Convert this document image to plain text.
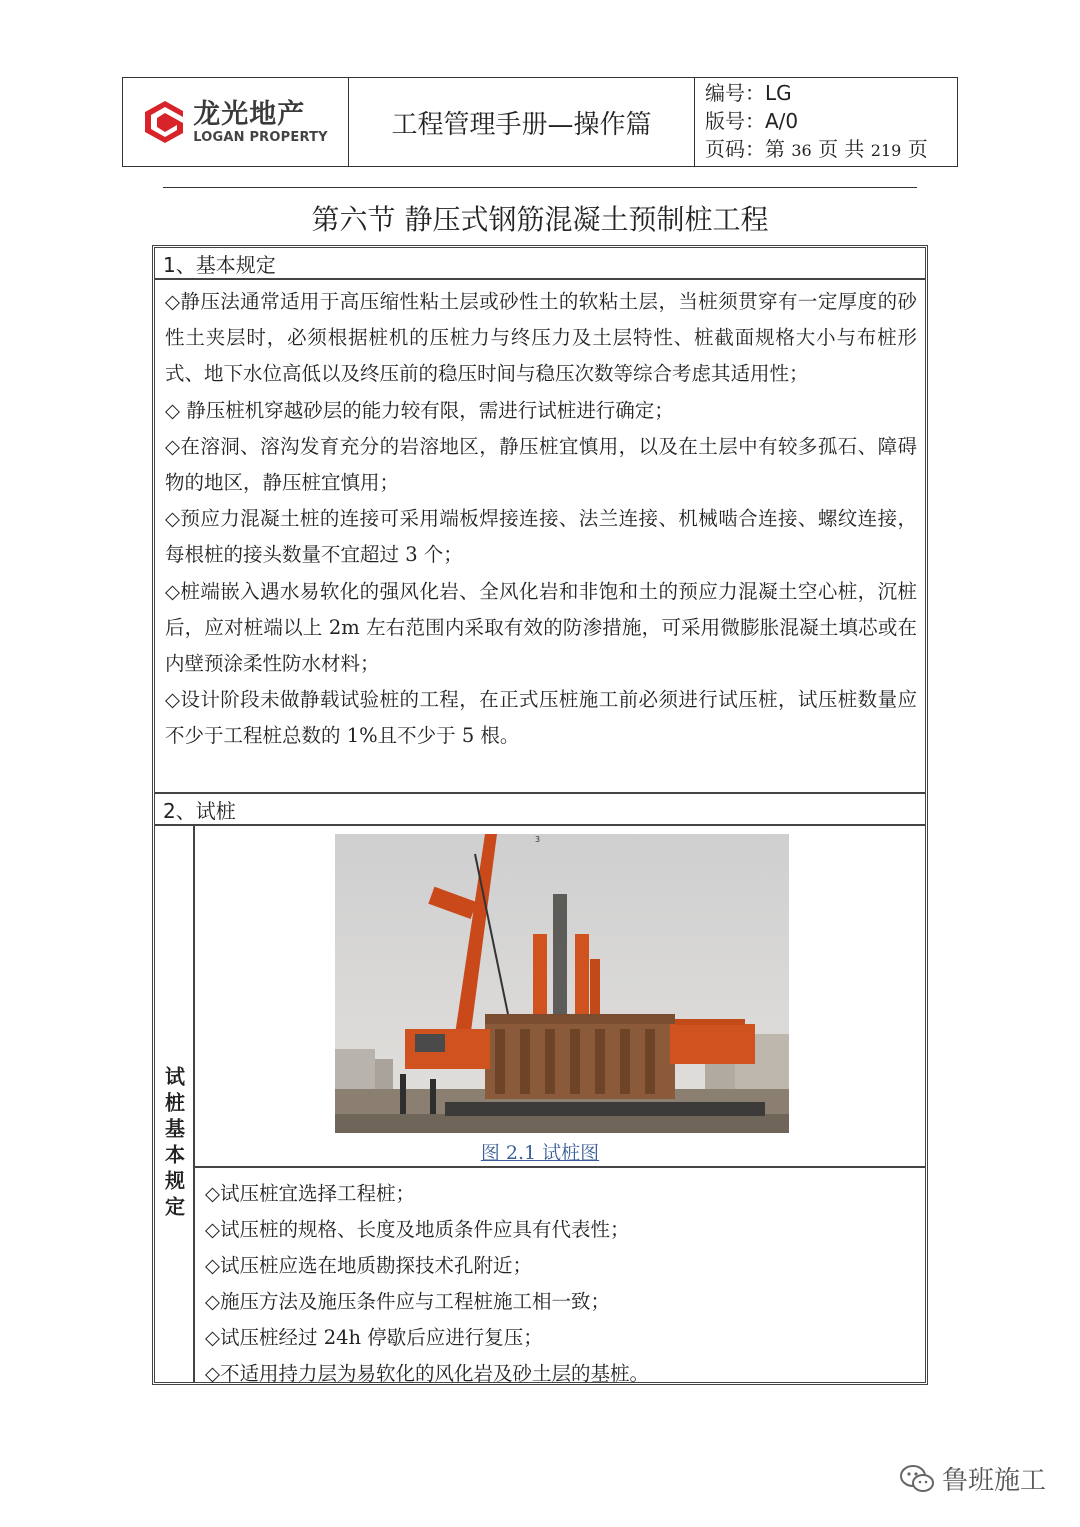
龙光地产
LOGAN PROPERTY	工程管理手册—操作篇
编号：LG
版号：A/0
页码：第 36 页 共 219 页
第六节 静压式钢筋混凝土预制桩工程
1、基本规定

◇静压法通常适用于高压缩性粘土层或砂性土的软粘土层，当桩须贯穿有一定厚度的砂性土夹层时，必须根据桩机的压桩力与终压力及土层特性、桩截面规格大小与布桩形式、地下水位高低以及终压前的稳压时间与稳压次数等综合考虑其适用性；

◇ 静压桩机穿越砂层的能力较有限，需进行试桩进行确定；

◇在溶洞、溶沟发育充分的岩溶地区，静压桩宜慎用，以及在土层中有较多孤石、障碍物的地区，静压桩宜慎用；

◇预应力混凝土桩的连接可采用端板焊接连接、法兰连接、机械啮合连接、螺纹连接，每根桩的接头数量不宜超过 3 个；

◇桩端嵌入遇水易软化的强风化岩、全风化岩和非饱和土的预应力混凝土空心桩，沉桩后，应对桩端以上 2m 左右范围内采取有效的防渗措施，可采用微膨胀混凝土填芯或在内壁预涂柔性防水材料；

◇设计阶段未做静载试验桩的工程，在正式压桩施工前必须进行试压桩，试压桩数量应不少于工程桩总数的 1%且不少于 5 根。

2、试桩
试桩基本规定
3
图 2.1 试桩图

◇试压桩宜选择工程桩；

◇试压桩的规格、长度及地质条件应具有代表性；

◇试压桩应选在地质勘探技术孔附近；

◇施压方法及施压条件应与工程桩施工相一致；

◇试压桩经过 24h 停歇后应进行复压；

◇不适用持力层为易软化的风化岩及砂土层的基桩。

鲁班施工
